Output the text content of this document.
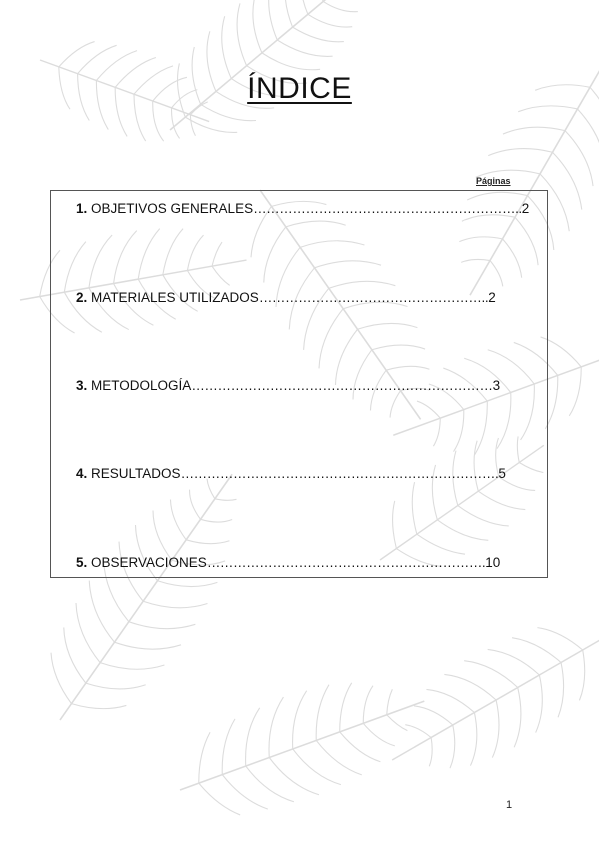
ÍNDICE
Páginas
1. OBJETIVOS GENERALES……………………………………………………..2
2. MATERIALES UTILIZADOS……………………………………………..2
3. METODOLOGÍA……………………………………………………………3
4. RESULTADOS……………………………………………………………….5
5. OBSERVACIONES……………………………………………………….10
1
